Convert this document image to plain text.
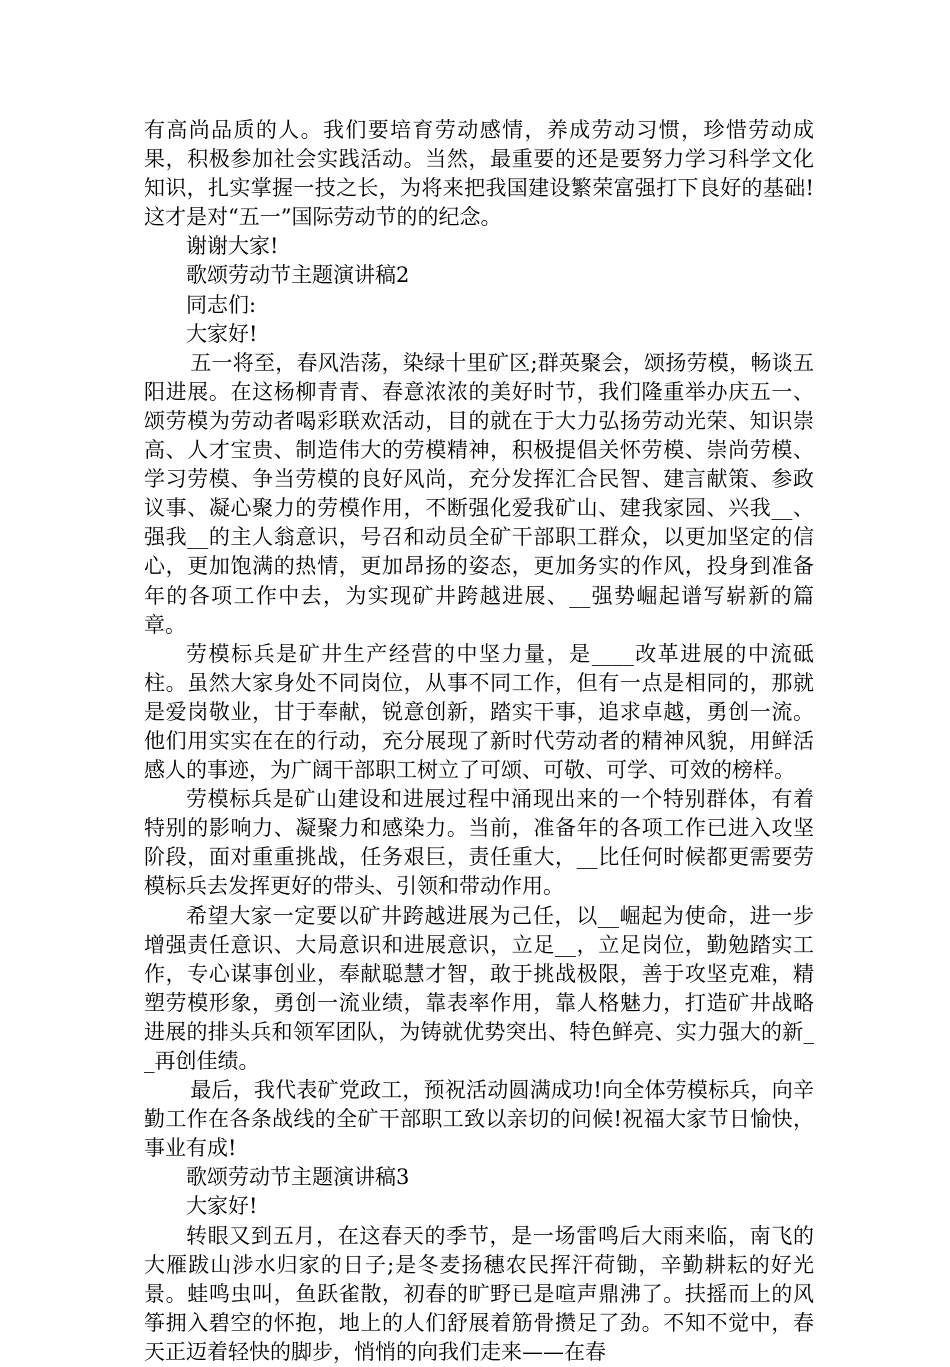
有高尚品质的人。我们要培育劳动感情，养成劳动习惯，珍惜劳动成果，积极参加社会实践活动。当然，最重要的还是要努力学习科学文化知识，扎实掌握一技之长，为将来把我国建设繁荣富强打下良好的基础!这才是对“五一”国际劳动节的的纪念。

谢谢大家!

歌颂劳动节主题演讲稿2

同志们:

大家好!

五一将至，春风浩荡，染绿十里矿区;群英聚会，颂扬劳模，畅谈五阳进展。在这杨柳青青、春意浓浓的美好时节，我们隆重举办庆五一、颂劳模为劳动者喝彩联欢活动，目的就在于大力弘扬劳动光荣、知识崇高、人才宝贵、制造伟大的劳模精神，积极提倡关怀劳模、崇尚劳模、学习劳模、争当劳模的良好风尚，充分发挥汇合民智、建言献策、参政议事、凝心聚力的劳模作用，不断强化爱我矿山、建我家园、兴我__、强我__的主人翁意识，号召和动员全矿干部职工群众，以更加坚定的信心，更加饱满的热情，更加昂扬的姿态，更加务实的作风，投身到准备年的各项工作中去，为实现矿井跨越进展、__强势崛起谱写崭新的篇章。

劳模标兵是矿井生产经营的中坚力量，是____改革进展的中流砥柱。虽然大家身处不同岗位，从事不同工作，但有一点是相同的，那就是爱岗敬业，甘于奉献，锐意创新，踏实干事，追求卓越，勇创一流。他们用实实在在的行动，充分展现了新时代劳动者的精神风貌，用鲜活感人的事迹，为广阔干部职工树立了可颂、可敬、可学、可效的榜样。

劳模标兵是矿山建设和进展过程中涌现出来的一个特别群体，有着特别的影响力、凝聚力和感染力。当前，准备年的各项工作已进入攻坚阶段，面对重重挑战，任务艰巨，责任重大，__比任何时候都更需要劳模标兵去发挥更好的带头、引领和带动作用。

希望大家一定要以矿井跨越进展为己任，以__崛起为使命，进一步增强责任意识、大局意识和进展意识，立足__，立足岗位，勤勉踏实工作，专心谋事创业，奉献聪慧才智，敢于挑战极限，善于攻坚克难，精塑劳模形象，勇创一流业绩，靠表率作用，靠人格魅力，打造矿井战略进展的排头兵和领军团队，为铸就优势突出、特色鲜亮、实力强大的新__再创佳绩。

最后，我代表矿党政工，预祝活动圆满成功!向全体劳模标兵，向辛勤工作在各条战线的全矿干部职工致以亲切的问候!祝福大家节日愉快，事业有成!

歌颂劳动节主题演讲稿3

大家好!

转眼又到五月，在这春天的季节，是一场雷鸣后大雨来临，南飞的大雁跋山涉水归家的日子;是冬麦扬穗农民挥汗荷锄，辛勤耕耘的好光景。蛙鸣虫叫，鱼跃雀散，初春的旷野已是喧声鼎沸了。扶摇而上的风筝拥入碧空的怀抱，地上的人们舒展着筋骨攒足了劲。不知不觉中，春天正迈着轻快的脚步，悄悄的向我们走来——在春
